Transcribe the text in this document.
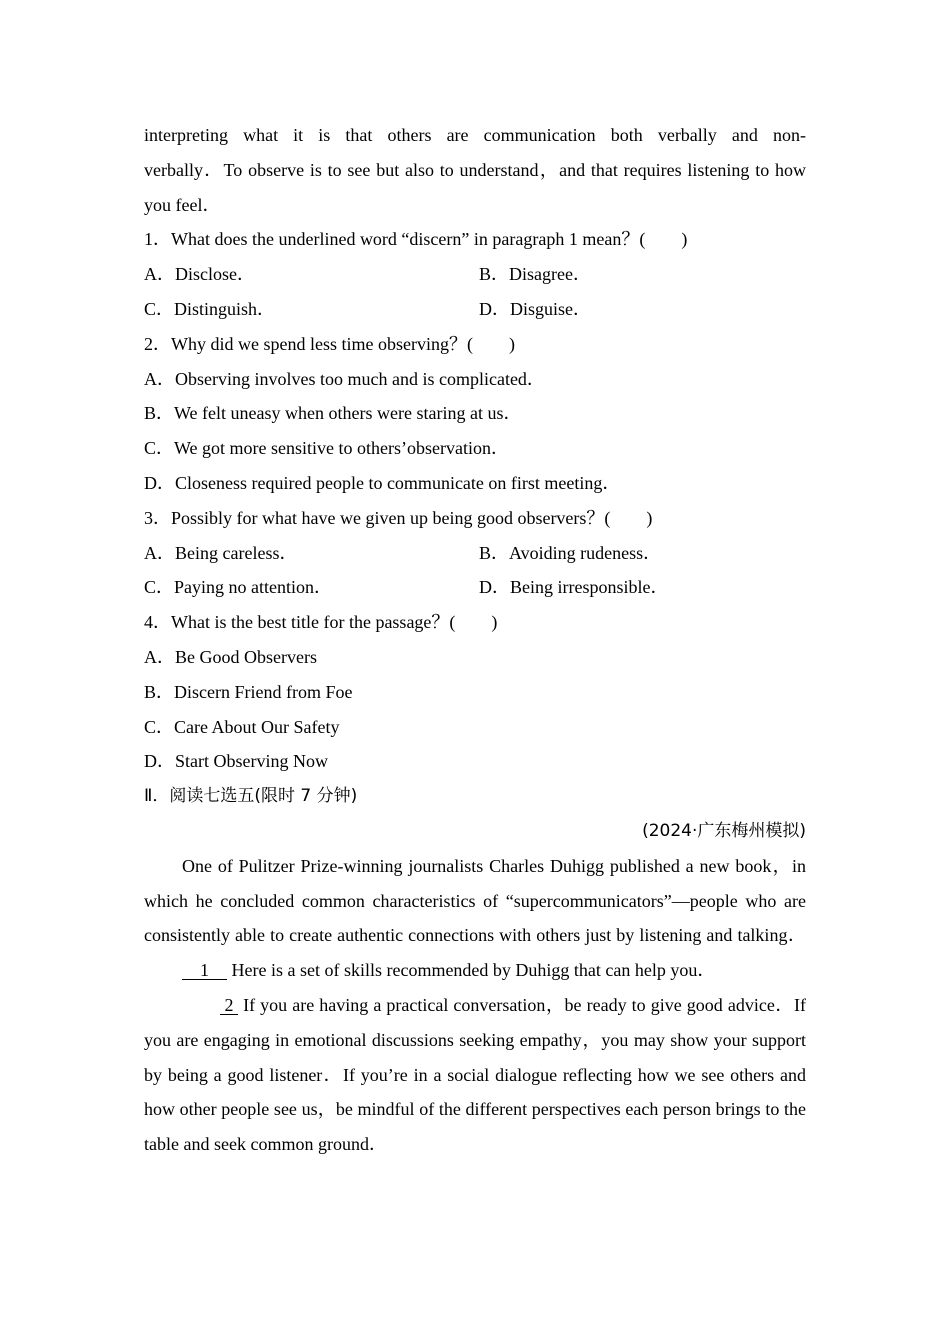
interpreting what it is that others are communication both verbally and non-

verbally．To observe is to see but also to understand，and that requires listening to how you feel．

1．What does the underlined word “discern” in paragraph 1 mean？(　　)
A．Disclose．	B．Disagree．
C．Distinguish．	D．Disguise．
2．Why did we spend less time observing？(　　)
A．Observing involves too much and is complicated．
B．We felt uneasy when others were staring at us．
C．We got more sensitive to others’observation．
D．Closeness required people to communicate on first meeting．
3．Possibly for what have we given up being good observers？(　　)
A．Being careless．	B．Avoiding rudeness．
C．Paying no attention．	D．Being irresponsible．
4．What is the best title for the passage？(　　)
A．Be Good Observers
B．Discern Friend from Foe
C．Care About Our Safety
D．Start Observing Now
Ⅱ．阅读七选五(限时 7 分钟)
(2024·广东梅州模拟)

One of Pulitzer Prize-winning journalists Charles Duhigg published a new book，in which he concluded common characteristics of “supercommunicators”—people who are consistently able to create authentic connections with others just by listening and talking． 　1　 Here is a set of skills recommended by Duhigg that can help you．

2  If you are having a practical conversation，be ready to give good advice．If you are engaging in emotional discussions seeking empathy，you may show your support by being a good listener．If you’re in a social dialogue reflecting how we see others and how other people see us，be mindful of the different perspectives each person brings to the table and seek common ground．
